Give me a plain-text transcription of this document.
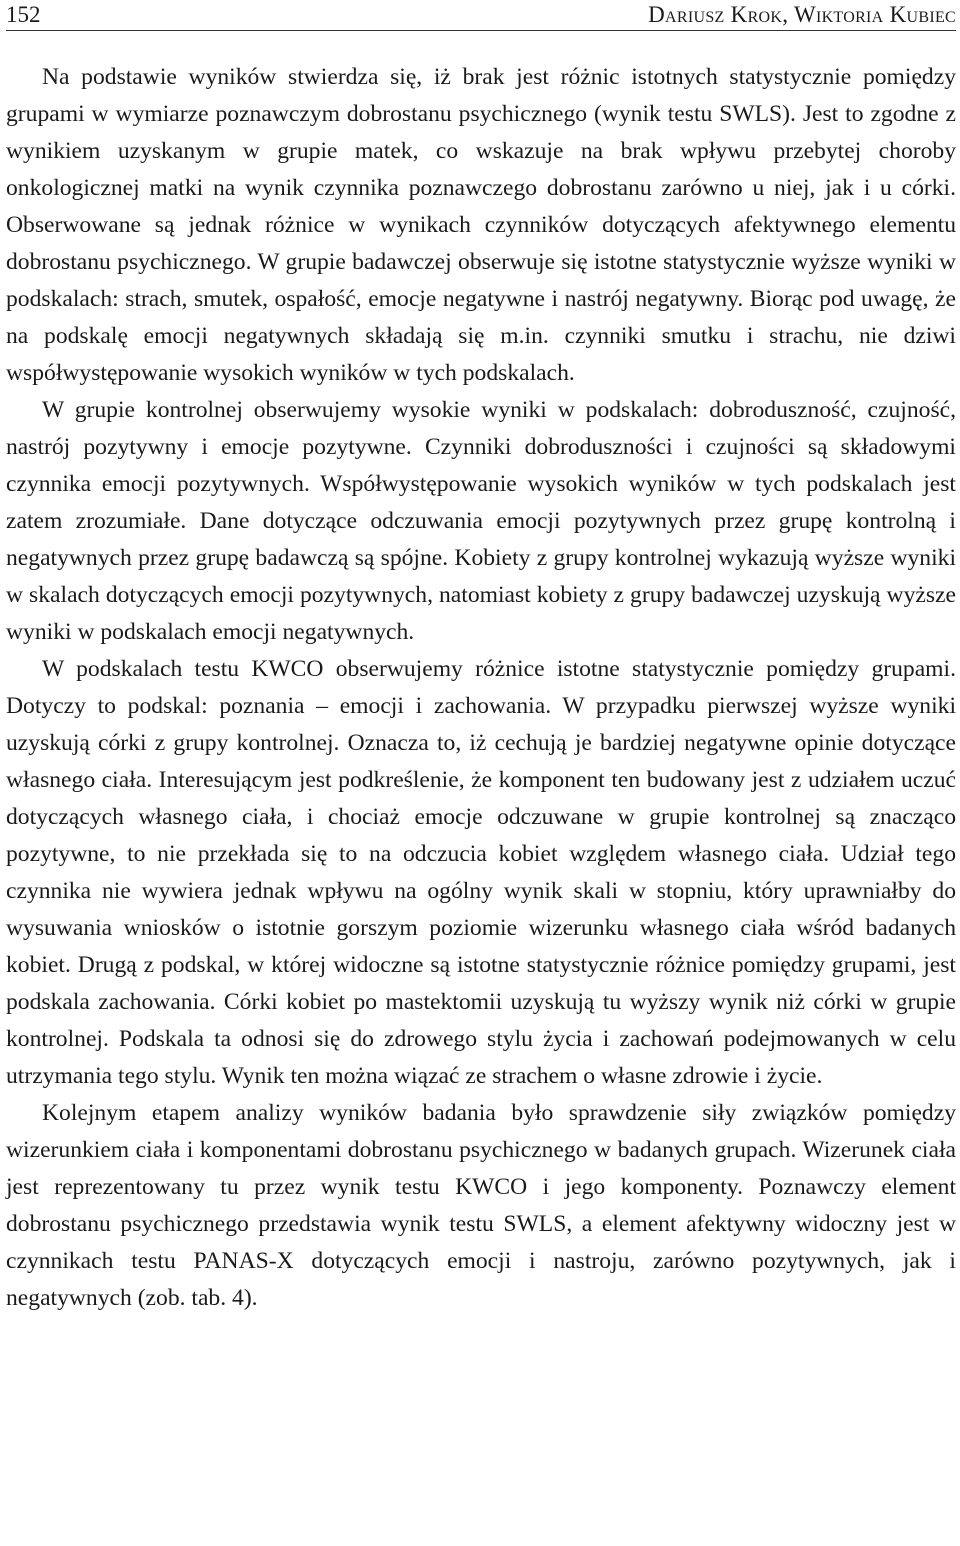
152	Dariusz Krok, Wiktoria Kubiec

Na podstawie wyników stwierdza się, iż brak jest różnic istotnych statystycznie pomiędzy grupami w wymiarze poznawczym dobrostanu psychicznego (wynik testu SWLS). Jest to zgodne z wynikiem uzyskanym w grupie matek, co wskazuje na brak wpływu przebytej choroby onkologicznej matki na wynik czynnika poznawczego dobrostanu zarówno u niej, jak i u córki. Obserwowane są jednak różnice w wynikach czynników dotyczących afektywnego elementu dobrostanu psychicznego. W grupie badawczej obserwuje się istotne statystycznie wyższe wyniki w podskalach: strach, smutek, ospałość, emocje negatywne i nastrój negatywny. Biorąc pod uwagę, że na podskalę emocji negatywnych składają się m.in. czynniki smutku i strachu, nie dziwi współwystępowanie wysokich wyników w tych podskalach.

W grupie kontrolnej obserwujemy wysokie wyniki w podskalach: dobroduszność, czujność, nastrój pozytywny i emocje pozytywne. Czynniki dobroduszności i czujności są składowymi czynnika emocji pozytywnych. Współwystępowanie wysokich wyników w tych podskalach jest zatem zrozumiałe. Dane dotyczące odczuwania emocji pozytywnych przez grupę kontrolną i negatywnych przez grupę badawczą są spójne. Kobiety z grupy kontrolnej wykazują wyższe wyniki w skalach dotyczących emocji pozytywnych, natomiast kobiety z grupy badawczej uzyskują wyższe wyniki w podskalach emocji negatywnych.

W podskalach testu KWCO obserwujemy różnice istotne statystycznie pomiędzy grupami. Dotyczy to podskal: poznania – emocji i zachowania. W przypadku pierwszej wyższe wyniki uzyskują córki z grupy kontrolnej. Oznacza to, iż cechują je bardziej negatywne opinie dotyczące własnego ciała. Interesującym jest podkreślenie, że komponent ten budowany jest z udziałem uczuć dotyczących własnego ciała, i chociaż emocje odczuwane w grupie kontrolnej są znacząco pozytywne, to nie przekłada się to na odczucia kobiet względem własnego ciała. Udział tego czynnika nie wywiera jednak wpływu na ogólny wynik skali w stopniu, który uprawniałby do wysuwania wniosków o istotnie gorszym poziomie wizerunku własnego ciała wśród badanych kobiet. Drugą z podskal, w której widoczne są istotne statystycznie różnice pomiędzy grupami, jest podskala zachowania. Córki kobiet po mastektomii uzyskują tu wyższy wynik niż córki w grupie kontrolnej. Podskala ta odnosi się do zdrowego stylu życia i zachowań podejmowanych w celu utrzymania tego stylu. Wynik ten można wiązać ze strachem o własne zdrowie i życie.

Kolejnym etapem analizy wyników badania było sprawdzenie siły związków pomiędzy wizerunkiem ciała i komponentami dobrostanu psychicznego w badanych grupach. Wizerunek ciała jest reprezentowany tu przez wynik testu KWCO i jego komponenty. Poznawczy element dobrostanu psychicznego przedstawia wynik testu SWLS, a element afektywny widoczny jest w czynnikach testu PANAS-X dotyczących emocji i nastroju, zarówno pozytywnych, jak i negatywnych (zob. tab. 4).
